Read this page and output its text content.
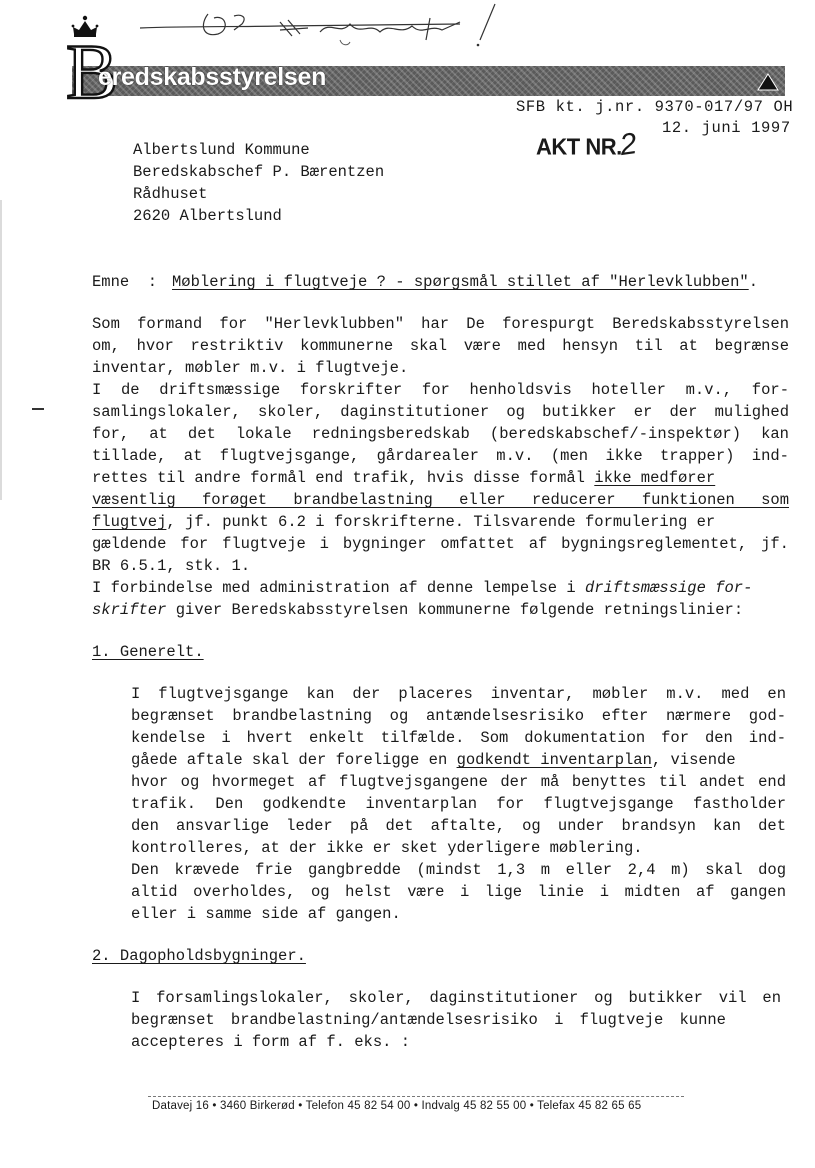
B
eredskabsstyrelsen
SFB kt. j.nr. 9370-017/97 OH
12. juni 1997
AKT NR.
2
Albertslund Kommune
Beredskabschef P. Bærentzen
Rådhuset
2620 Albertslund
Emne  : Møblering i flugtveje ? - spørgsmål stillet af "Herlevklubben".
Som formand for "Herlevklubben" har De forespurgt Beredskabsstyrelsen
om, hvor restriktiv kommunerne skal være med hensyn til at begrænse
inventar, møbler m.v. i flugtveje.
I de driftsmæssige forskrifter for henholdsvis hoteller m.v., for-
samlingslokaler, skoler, daginstitutioner og butikker er der mulighed
for, at det lokale redningsberedskab (beredskabschef/-inspektør) kan
tillade, at flugtvejsgange, gårdarealer m.v. (men ikke trapper) ind-
rettes til andre formål end trafik, hvis disse formål ikke medfører
væsentlig forøget brandbelastning eller reducerer funktionen som
flugtvej, jf. punkt 6.2 i forskrifterne. Tilsvarende formulering er
gældende for flugtveje i bygninger omfattet af bygningsreglementet, jf.
BR 6.5.1, stk. 1.
I forbindelse med administration af denne lempelse i driftsmæssige for-
skrifter giver Beredskabsstyrelsen kommunerne følgende retningslinier:
1. Generelt.
I flugtvejsgange kan der placeres inventar, møbler m.v. med en
begrænset brandbelastning og antændelsesrisiko efter nærmere god-
kendelse i hvert enkelt tilfælde. Som dokumentation for den ind-
gåede aftale skal der foreligge en godkendt inventarplan, visende
hvor og hvormeget af flugtvejsgangene der må benyttes til andet end
trafik. Den godkendte inventarplan for flugtvejsgange fastholder
den ansvarlige leder på det aftalte, og under brandsyn kan det
kontrolleres, at der ikke er sket yderligere møblering.
Den krævede frie gangbredde (mindst 1,3 m eller 2,4 m) skal dog
altid overholdes, og helst være i lige linie i midten af gangen
eller i samme side af gangen.
2. Dagopholdsbygninger.
I forsamlingslokaler, skoler, daginstitutioner og butikker vil en
begrænset brandbelastning/antændelsesrisiko i flugtveje kunne
accepteres i form af f. eks. :
Datavej 16 • 3460 Birkerød • Telefon 45 82 54 00 • Indvalg 45 82 55 00 • Telefax 45 82 65 65
